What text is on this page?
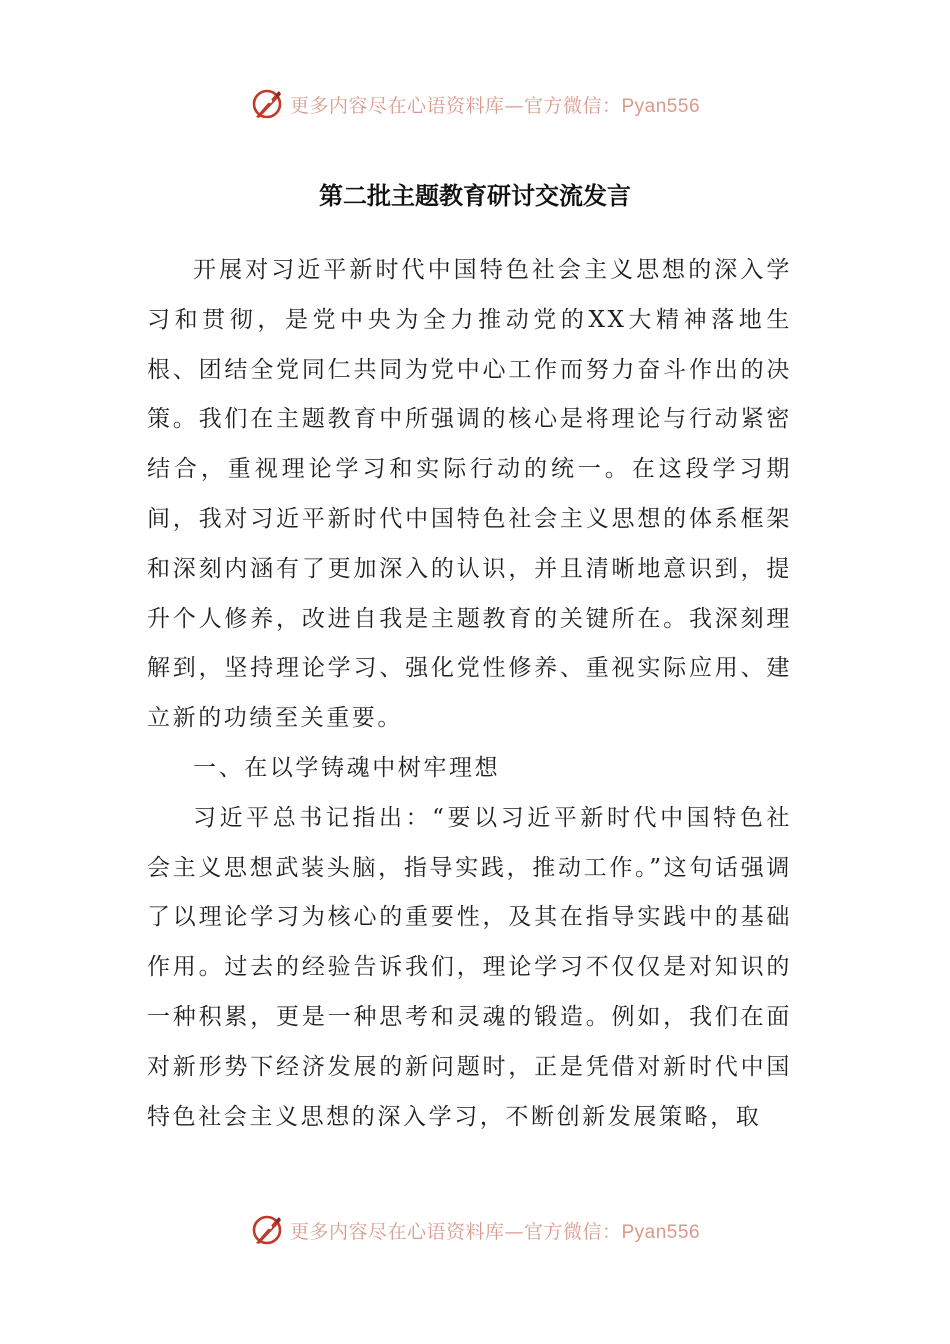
更多内容尽在心语资料库—官方微信：Pyan556
第二批主题教育研讨交流发言

开展对习近平新时代中国特色社会主义思想的深入学习和贯彻，是党中央为全力推动党的XX大精神落地生根、团结全党同仁共同为党中心工作而努力奋斗作出的决策。我们在主题教育中所强调的核心是将理论与行动紧密结合，重视理论学习和实际行动的统一。在这段学习期间，我对习近平新时代中国特色社会主义思想的体系框架和深刻内涵有了更加深入的认识，并且清晰地意识到，提升个人修养，改进自我是主题教育的关键所在。我深刻理解到，坚持理论学习、强化党性修养、重视实际应用、建立新的功绩至关重要。

一、在以学铸魂中树牢理想

习近平总书记指出：“要以习近平新时代中国特色社会主义思想武装头脑，指导实践，推动工作。”这句话强调了以理论学习为核心的重要性，及其在指导实践中的基础作用。过去的经验告诉我们，理论学习不仅仅是对知识的一种积累，更是一种思考和灵魂的锻造。例如，我们在面对新形势下经济发展的新问题时，正是凭借对新时代中国特色社会主义思想的深入学习，不断创新发展策略，取

更多内容尽在心语资料库—官方微信：Pyan556
